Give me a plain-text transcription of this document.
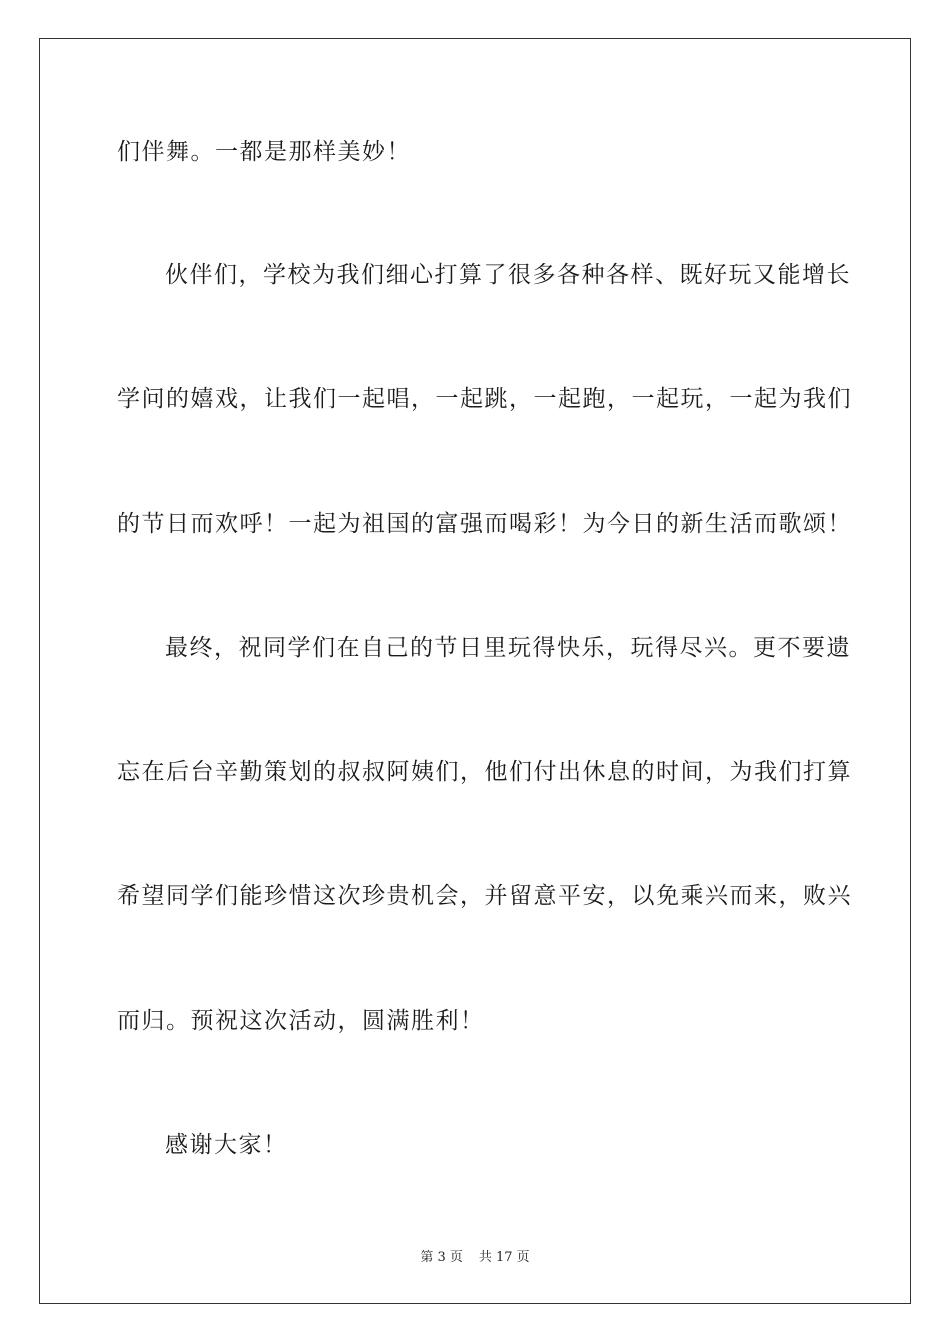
们伴舞。一都是那样美妙！
伙伴们，学校为我们细心打算了很多各种各样、既好玩又能增长
学问的嬉戏，让我们一起唱，一起跳，一起跑，一起玩，一起为我们
的节日而欢呼！一起为祖国的富强而喝彩！为今日的新生活而歌颂！
最终，祝同学们在自己的节日里玩得快乐，玩得尽兴。更不要遗
忘在后台辛勤策划的叔叔阿姨们，他们付出休息的时间，为我们打算
希望同学们能珍惜这次珍贵机会，并留意平安，以免乘兴而来，败兴
而归。预祝这次活动，圆满胜利！
感谢大家！
第 3 页 共 17 页
